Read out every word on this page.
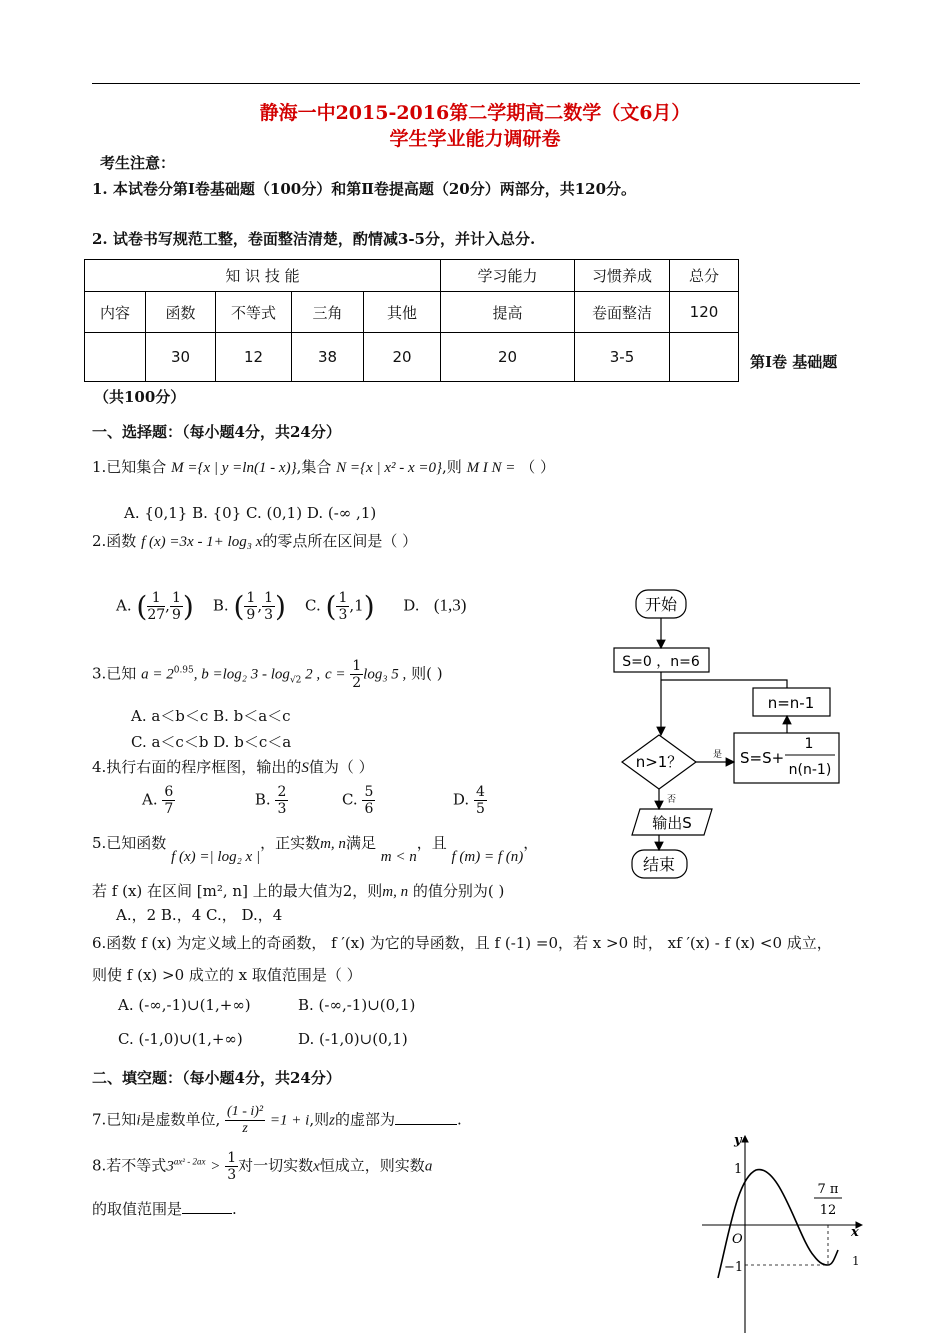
静海一中2015-2016第二学期高二数学（文6月）
学生学业能力调研卷
考生注意：
1. 本试卷分第Ⅰ卷基础题（100分）和第Ⅱ卷提高题（20分）两部分，共120分。
2. 试卷书写规范工整，卷面整洁清楚，酌情减3-5分，并计入总分.
知 识 技 能					学习能力	习惯养成	总分
内容	函数	不等式	三角	其他	提高	卷面整洁	120
	30	12	38	20	20	3-5		第Ⅰ卷 基础题
（共100分）
一、选择题：（每小题4分，共24分）
1.已知集合 M ={x | y =ln(1 - x)},集合 N ={x | x² - x =0},则 M I N = （ ）
A. {0,1} B. {0} C. (0,1) D. (-∞ ,1)
2.函数 f (x) =3x - 1+ log₃ x的零点所在区间是（ ）
A. ( $\frac{1}{27}$ , $\frac{1}{9}$ ) B. ( $\frac{1}{9}$ , $\frac{1}{3}$ ) C. ( $\frac{1}{3} ,1$) D. (1,3)
3.已知 $a = 2^{0.95}$, b =log₂ $3 - \log_{√2} 2$ , $c = \frac{1}{2} \log_3$ 5 , 则( )
A. a＜b＜c B. b＜a＜c
C. a＜c＜b D. b＜c＜a
4.执行右面的程序框图，输出的S值为（ ）
A. $\frac{6}{7}$	B. $\frac{2}{3}$	C. $\frac{5}{6}$	D. $\frac{4}{5}$
开始
S=0 ，n=6
n=n-1
n>1？	是
否
S=S+
1
n(n-1)
输出S
结束
5.已知函数 f (x) =| log₂ x |，正实数m, n满足 m < n，且 f (m) = f (n)，
若 f (x) 在区间 [m², n] 上的最大值为2，则m, n 的值分别为( )
A.，2 B.，4 C.， D.，4
6.函数 f (x) 为定义域上的奇函数， f ′(x) 为它的导函数，且 f (-1) =0，若 x >0 时， xf ′(x) - f (x) <0 成立，
则使 f (x) >0 成立的 x 取值范围是（ ）
A. (-∞,-1)∪(1,+∞)	B. (-∞,-1)∪(0,1)
C. (-1,0)∪(1,+∞)	D. (-1,0)∪(0,1)
二、填空题：（每小题4分，共24分）
7.已知i是虚数单位, $\frac{\text{(1 - i)²}}{z} =1 + i$,则z的虚部为	.
8.若不等式$3^{ax^2 - 2ax} > \frac{1}{3}$ 对一切实数x恒成立，则实数a
的取值范围是	.
y
x
1
O
−1
7 π
12
1
